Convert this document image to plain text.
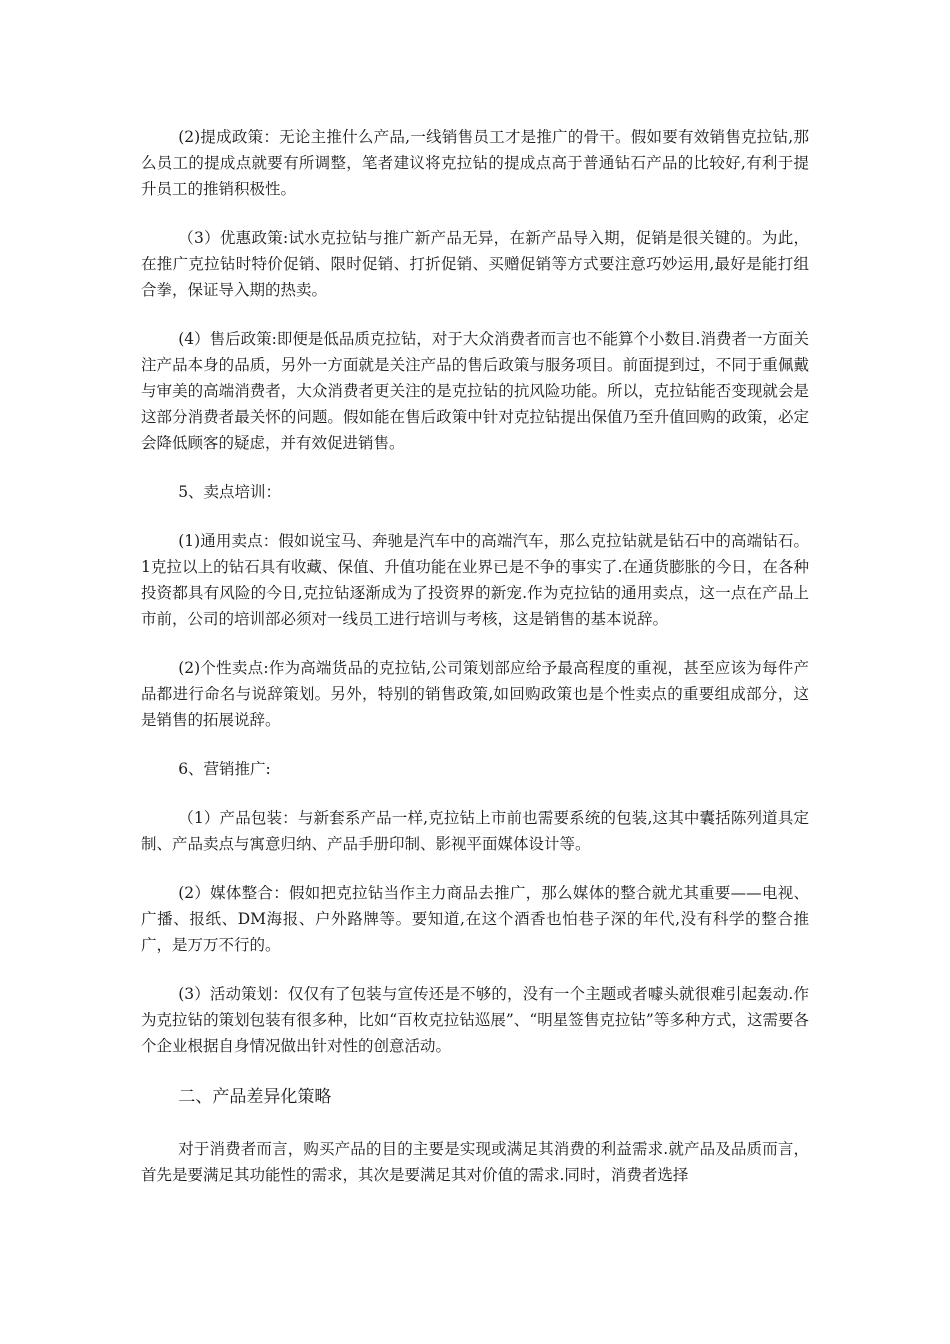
(2)提成政策：无论主推什么产品,一线销售员工才是推广的骨干。假如要有效销售克拉钻,那么员工的提成点就要有所调整，笔者建议将克拉钻的提成点高于普通钻石产品的比较好,有利于提升员工的推销积极性。

（3）优惠政策:试水克拉钻与推广新产品无异，在新产品导入期，促销是很关键的。为此，在推广克拉钻时特价促销、限时促销、打折促销、买赠促销等方式要注意巧妙运用,最好是能打组合拳，保证导入期的热卖。

(4）售后政策:即便是低品质克拉钻，对于大众消费者而言也不能算个小数目.消费者一方面关注产品本身的品质，另外一方面就是关注产品的售后政策与服务项目。前面提到过，不同于重佩戴与审美的高端消费者，大众消费者更关注的是克拉钻的抗风险功能。所以，克拉钻能否变现就会是这部分消费者最关怀的问题。假如能在售后政策中针对克拉钻提出保值乃至升值回购的政策，必定会降低顾客的疑虑，并有效促进销售。

5、卖点培训：

(1)通用卖点：假如说宝马、奔驰是汽车中的高端汽车，那么克拉钻就是钻石中的高端钻石。1克拉以上的钻石具有收藏、保值、升值功能在业界已是不争的事实了.在通货膨胀的今日，在各种投资都具有风险的今日,克拉钻逐渐成为了投资界的新宠.作为克拉钻的通用卖点，这一点在产品上市前，公司的培训部必须对一线员工进行培训与考核，这是销售的基本说辞。

(2)个性卖点:作为高端货品的克拉钻,公司策划部应给予最高程度的重视，甚至应该为每件产品都进行命名与说辞策划。另外，特别的销售政策,如回购政策也是个性卖点的重要组成部分，这是销售的拓展说辞。

6、营销推广:

（1）产品包装：与新套系产品一样,克拉钻上市前也需要系统的包装,这其中囊括陈列道具定制、产品卖点与寓意归纳、产品手册印制、影视平面媒体设计等。

(2）媒体整合：假如把克拉钻当作主力商品去推广，那么媒体的整合就尤其重要——电视、广播、报纸、DM海报、户外路牌等。要知道,在这个酒香也怕巷子深的年代,没有科学的整合推广，是万万不行的。

(3）活动策划：仅仅有了包装与宣传还是不够的，没有一个主题或者噱头就很难引起轰动.作为克拉钻的策划包装有很多种，比如“百枚克拉钻巡展”、“明星签售克拉钻”等多种方式，这需要各个企业根据自身情况做出针对性的创意活动。

二、产品差异化策略

对于消费者而言，购买产品的目的主要是实现或满足其消费的利益需求.就产品及品质而言，首先是要满足其功能性的需求，其次是要满足其对价值的需求.同时，消费者选择
